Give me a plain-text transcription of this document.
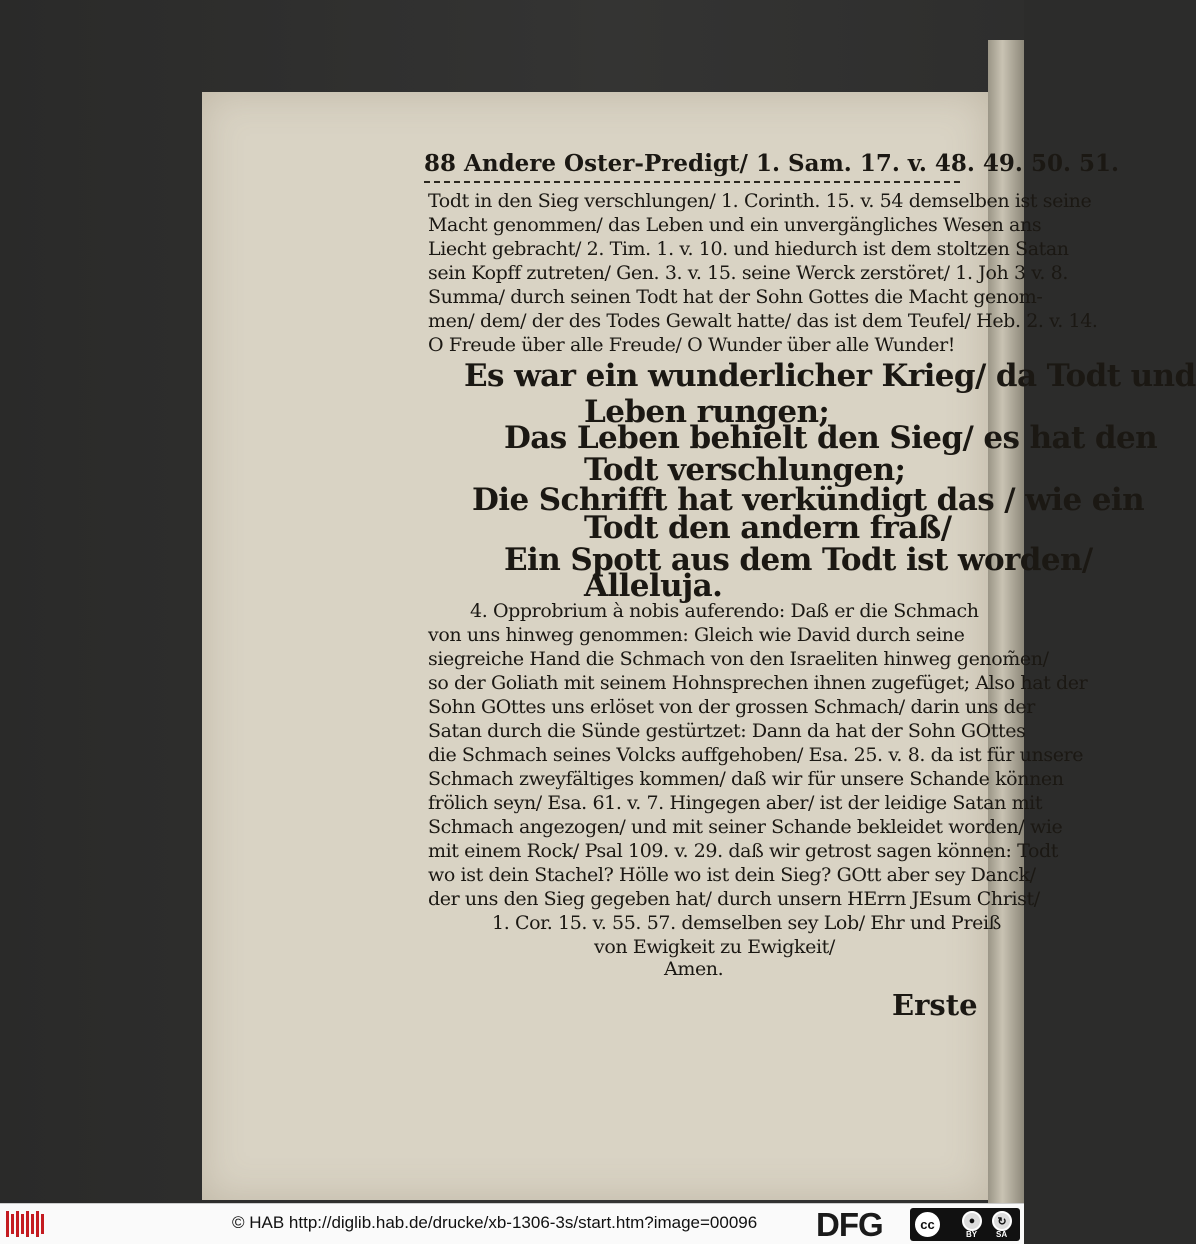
88 Andere Oster-Predigt/ 1. Sam. 17. v. 48. 49. 50. 51.
Todt in den Sieg verschlungen/ 1. Corinth. 15. v. 54 demselben ist seine
Macht genommen/ das Leben und ein unvergängliches Wesen ans
Liecht gebracht/ 2. Tim. 1. v. 10. und hiedurch ist dem stoltzen Satan
sein Kopff zutreten/ Gen. 3. v. 15. seine Werck zerstöret/ 1. Joh 3 v. 8.
Summa/ durch seinen Todt hat der Sohn Gottes die Macht genom-
men/ dem/ der des Todes Gewalt hatte/ das ist dem Teufel/ Heb. 2. v. 14.
O Freude über alle Freude/ O Wunder über alle Wunder!
Es war ein wunderlicher Krieg/ da Todt und
Leben rungen;
Das Leben behielt den Sieg/ es hat den
Todt verschlungen;
Die Schrifft hat verkündigt das / wie ein
Todt den andern fraß/
Ein Spott aus dem Todt ist worden/
Alleluja.
4. Opprobrium à nobis auferendo: Daß er die Schmach
von uns hinweg genommen: Gleich wie David durch seine
siegreiche Hand die Schmach von den Israeliten hinweg genom̃en/
so der Goliath mit seinem Hohnsprechen ihnen zugefüget; Also hat der
Sohn GOttes uns erlöset von der grossen Schmach/ darin uns der
Satan durch die Sünde gestürtzet: Dann da hat der Sohn GOttes
die Schmach seines Volcks auffgehoben/ Esa. 25. v. 8. da ist für unsere
Schmach zweyfältiges kommen/ daß wir für unsere Schande können
frölich seyn/ Esa. 61. v. 7. Hingegen aber/ ist der leidige Satan mit
Schmach angezogen/ und mit seiner Schande bekleidet worden/ wie
mit einem Rock/ Psal 109. v. 29. daß wir getrost sagen können: Todt
wo ist dein Stachel? Hölle wo ist dein Sieg? GOtt aber sey Danck/
der uns den Sieg gegeben hat/ durch unsern HErrn JEsum Christ/
1. Cor. 15. v. 55. 57. demselben sey Lob/ Ehr und Preiß
von Ewigkeit zu Ewigkeit/
Amen.
Erste
© HAB http://diglib.hab.de/drucke/xb-1306-3s/start.htm?image=00096 DFG	cc	●	↻
BY SA
